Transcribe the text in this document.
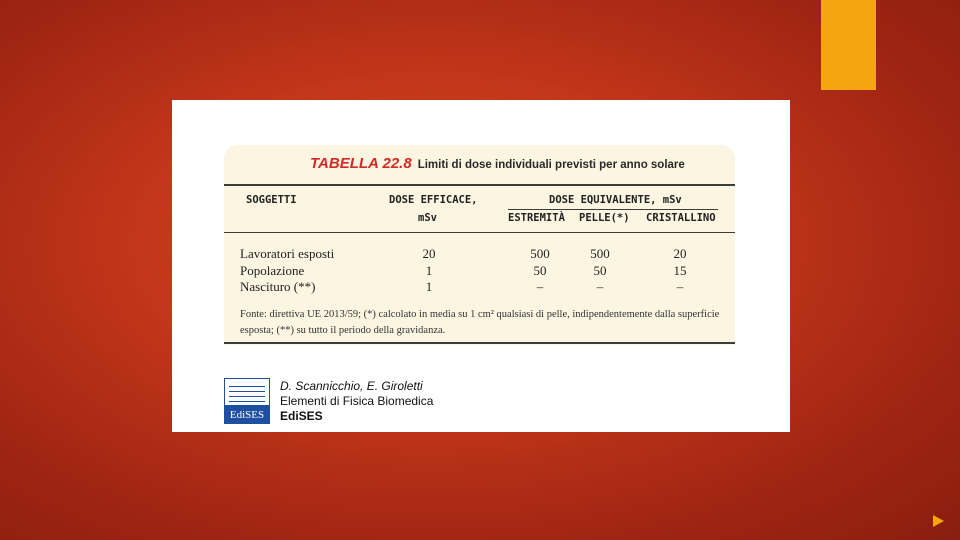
TABELLA 22.8 Limiti di dose individuali previsti per anno solare
SOGGETTI	DOSE EFFICACE,
mSv
DOSE EQUIVALENTE, mSv
ESTREMITÀ PELLE(*) CRISTALLINO
Lavoratori esposti	20	500	500	20
Popolazione	1	50	50	15
Nascituro (**)	1	–	–	–
Fonte: direttiva UE 2013/59; (*) calcolato in media su 1 cm² qualsiasi di pelle, indipendentemente dalla superficie esposta; (**) su tutto il periodo della gravidanza.
EdiSES
D. Scannicchio, E. Giroletti
Elementi di Fisica Biomedica
EdiSES
